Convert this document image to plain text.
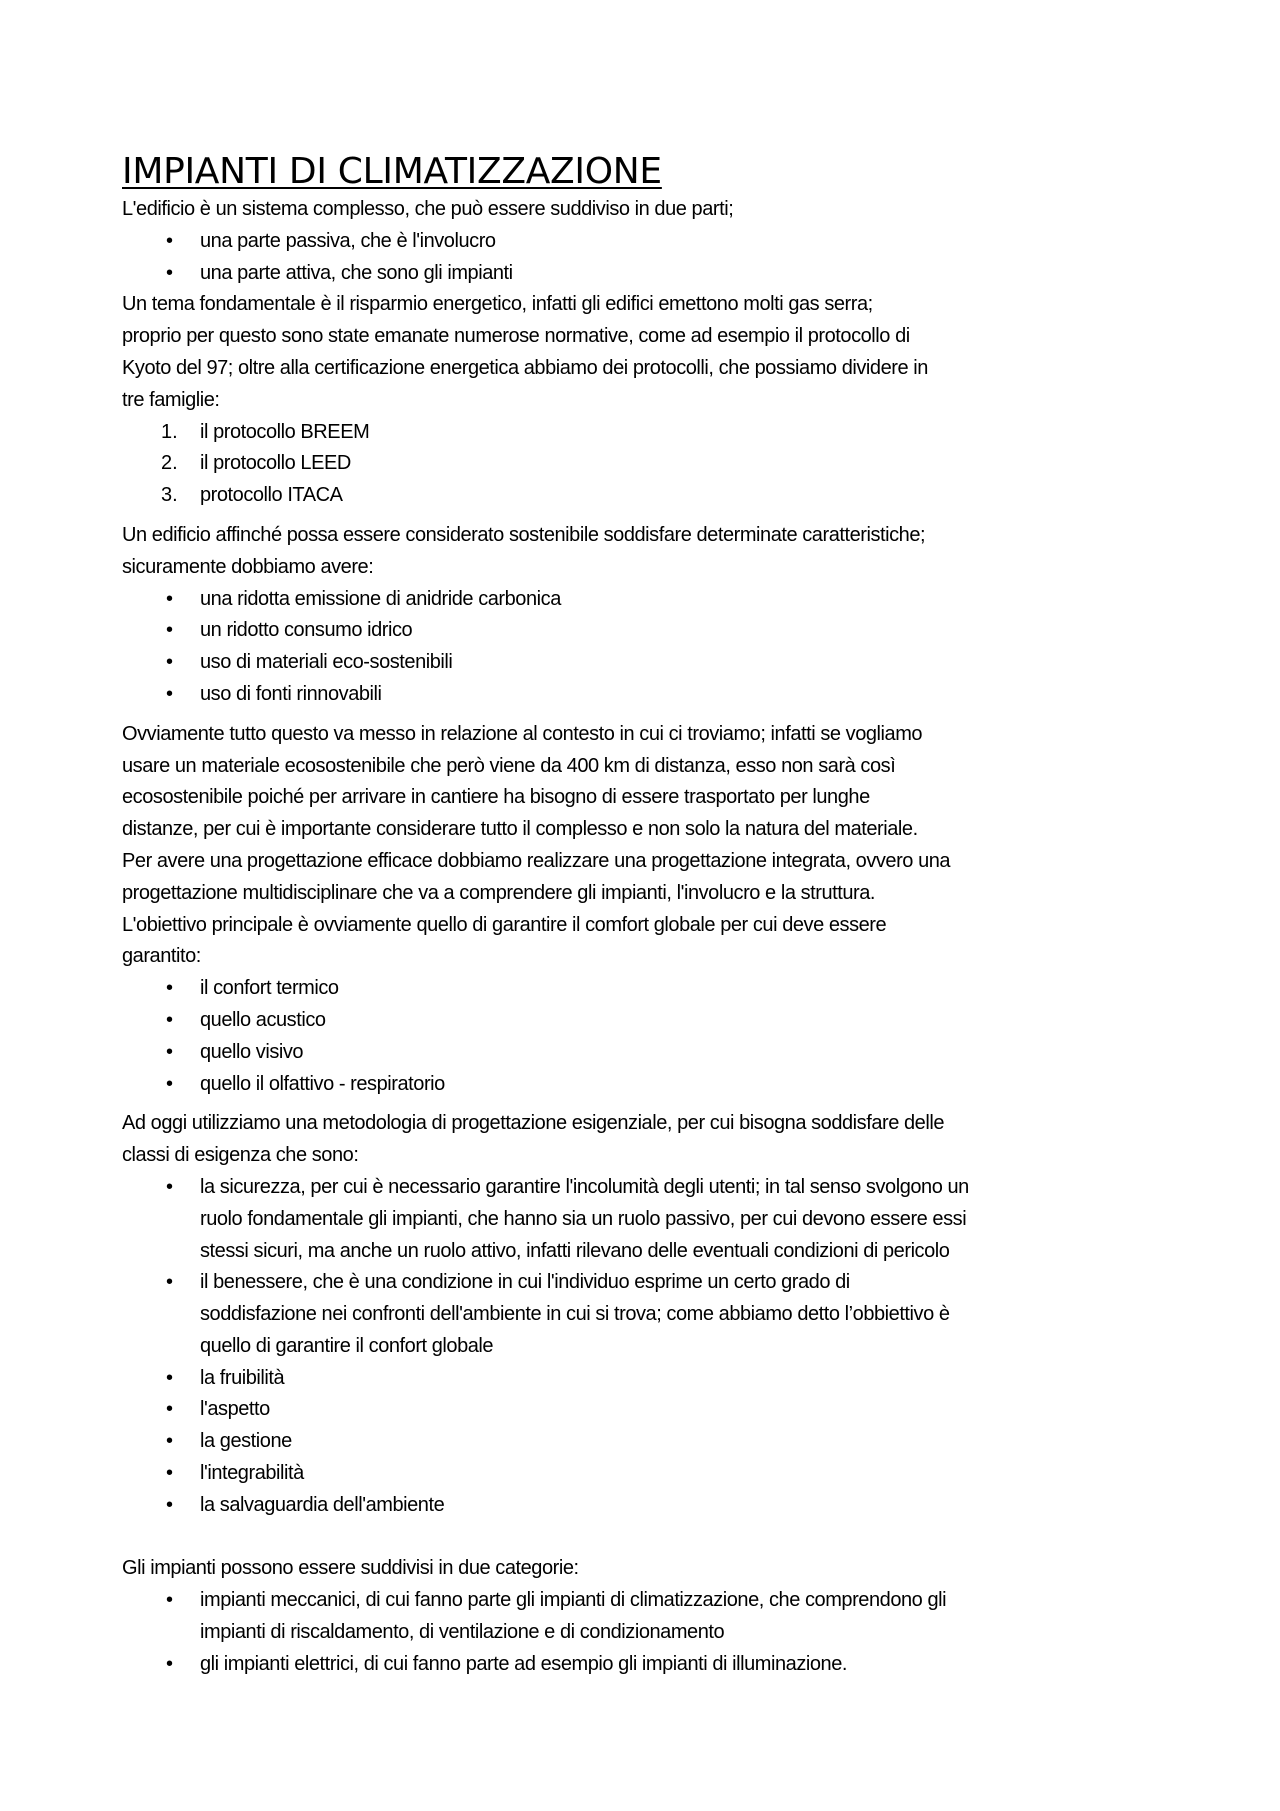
IMPIANTI DI CLIMATIZZAZIONE
L'edificio è un sistema complesso, che può essere suddiviso in due parti;
• una parte passiva, che è l'involucro
• una parte attiva, che sono gli impianti
Un tema fondamentale è il risparmio energetico, infatti gli edifici emettono molti gas serra;
proprio per questo sono state emanate numerose normative, come ad esempio il protocollo di
Kyoto del 97; oltre alla certificazione energetica abbiamo dei protocolli, che possiamo dividere in
tre famiglie:
1. il protocollo BREEM
2. il protocollo LEED
3. protocollo ITACA
Un edificio affinché possa essere considerato sostenibile soddisfare determinate caratteristiche;
sicuramente dobbiamo avere:
• una ridotta emissione di anidride carbonica
• un ridotto consumo idrico
• uso di materiali eco-sostenibili
• uso di fonti rinnovabili
Ovviamente tutto questo va messo in relazione al contesto in cui ci troviamo; infatti se vogliamo
usare un materiale ecosostenibile che però viene da 400 km di distanza, esso non sarà così
ecosostenibile poiché per arrivare in cantiere ha bisogno di essere trasportato per lunghe
distanze, per cui è importante considerare tutto il complesso e non solo la natura del materiale.
Per avere una progettazione efficace dobbiamo realizzare una progettazione integrata, ovvero una
progettazione multidisciplinare che va a comprendere gli impianti, l'involucro e la struttura.
L'obiettivo principale è ovviamente quello di garantire il comfort globale per cui deve essere
garantito:
• il confort termico
• quello acustico
• quello visivo
• quello il olfattivo - respiratorio
Ad oggi utilizziamo una metodologia di progettazione esigenziale, per cui bisogna soddisfare delle
classi di esigenza che sono:
• la sicurezza, per cui è necessario garantire l'incolumità degli utenti; in tal senso svolgono un
ruolo fondamentale gli impianti, che hanno sia un ruolo passivo, per cui devono essere essi
stessi sicuri, ma anche un ruolo attivo, infatti rilevano delle eventuali condizioni di pericolo
• il benessere, che è una condizione in cui l'individuo esprime un certo grado di
soddisfazione nei confronti dell'ambiente in cui si trova; come abbiamo detto l’obbiettivo è
quello di garantire il confort globale
• la fruibilità
• l'aspetto
• la gestione
• l'integrabilità
• la salvaguardia dell'ambiente
Gli impianti possono essere suddivisi in due categorie:
• impianti meccanici, di cui fanno parte gli impianti di climatizzazione, che comprendono gli
impianti di riscaldamento, di ventilazione e di condizionamento
• gli impianti elettrici, di cui fanno parte ad esempio gli impianti di illuminazione.
